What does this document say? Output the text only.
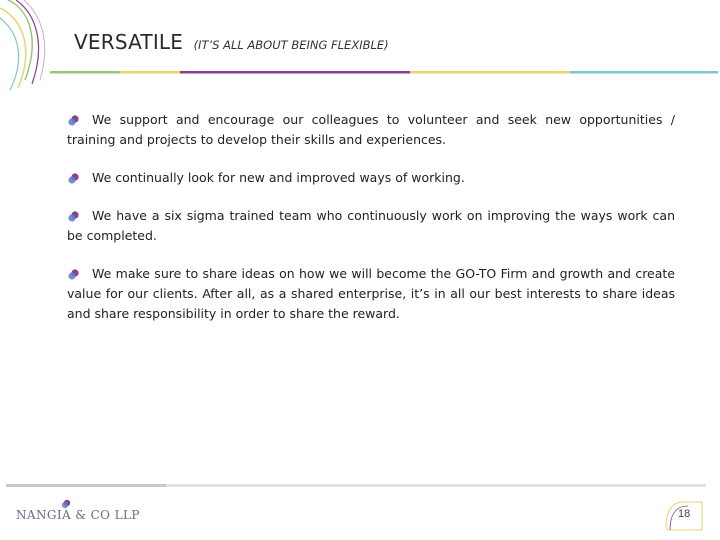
VERSATILE (IT’S ALL ABOUT BEING FLEXIBLE)

We support and encourage our colleagues to volunteer and seek new opportunities / training and projects to develop their skills and experiences.

We continually look for new and improved ways of working.

We have a six sigma trained team who continuously work on improving the ways work can be completed.

We make sure to share ideas on how we will become the GO-TO Firm and growth and create value for our clients. After all, as a shared enterprise, it’s in all our best interests to share ideas and share responsibility in order to share the reward.

NANGIA & CO LLP	18
